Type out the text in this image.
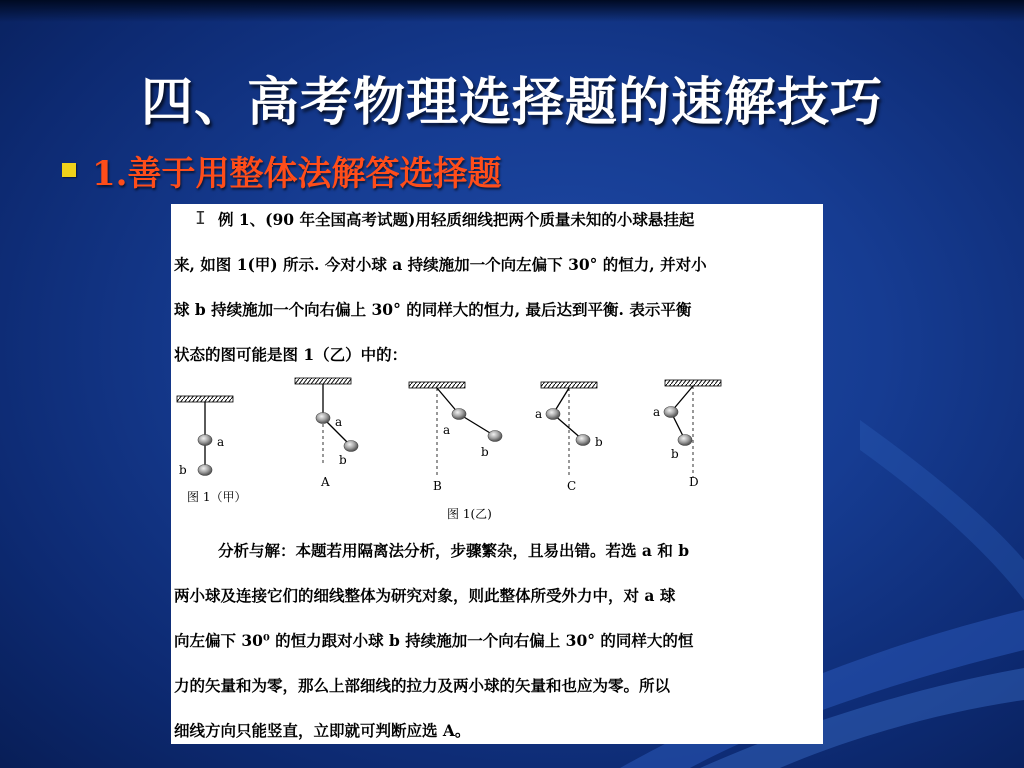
四、高考物理选择题的速解技巧
1.善于用整体法解答选择题
I 例 1、(90 年全国高考试题)用轻质细线把两个质量未知的小球悬挂起
来, 如图 1(甲) 所示. 今对小球 a 持续施加一个向左偏下 30° 的恒力, 并对小
球 b 持续施加一个向右偏上 30° 的同样大的恒力, 最后达到平衡. 表示平衡
状态的图可能是图 1（乙）中的：
a
b
图 1（甲）
a
b
A
a
b
B
a
b
C
a
b
D
图 1(乙)
分析与解：本题若用隔离法分析，步骤繁杂，且易出错。若选 a 和 b
两小球及连接它们的细线整体为研究对象，则此整体所受外力中，对 a 球
向左偏下 30⁰ 的恒力跟对小球 b 持续施加一个向右偏上 30° 的同样大的恒
力的矢量和为零，那么上部细线的拉力及两小球的矢量和也应为零。所以
细线方向只能竖直，立即就可判断应选 A。
